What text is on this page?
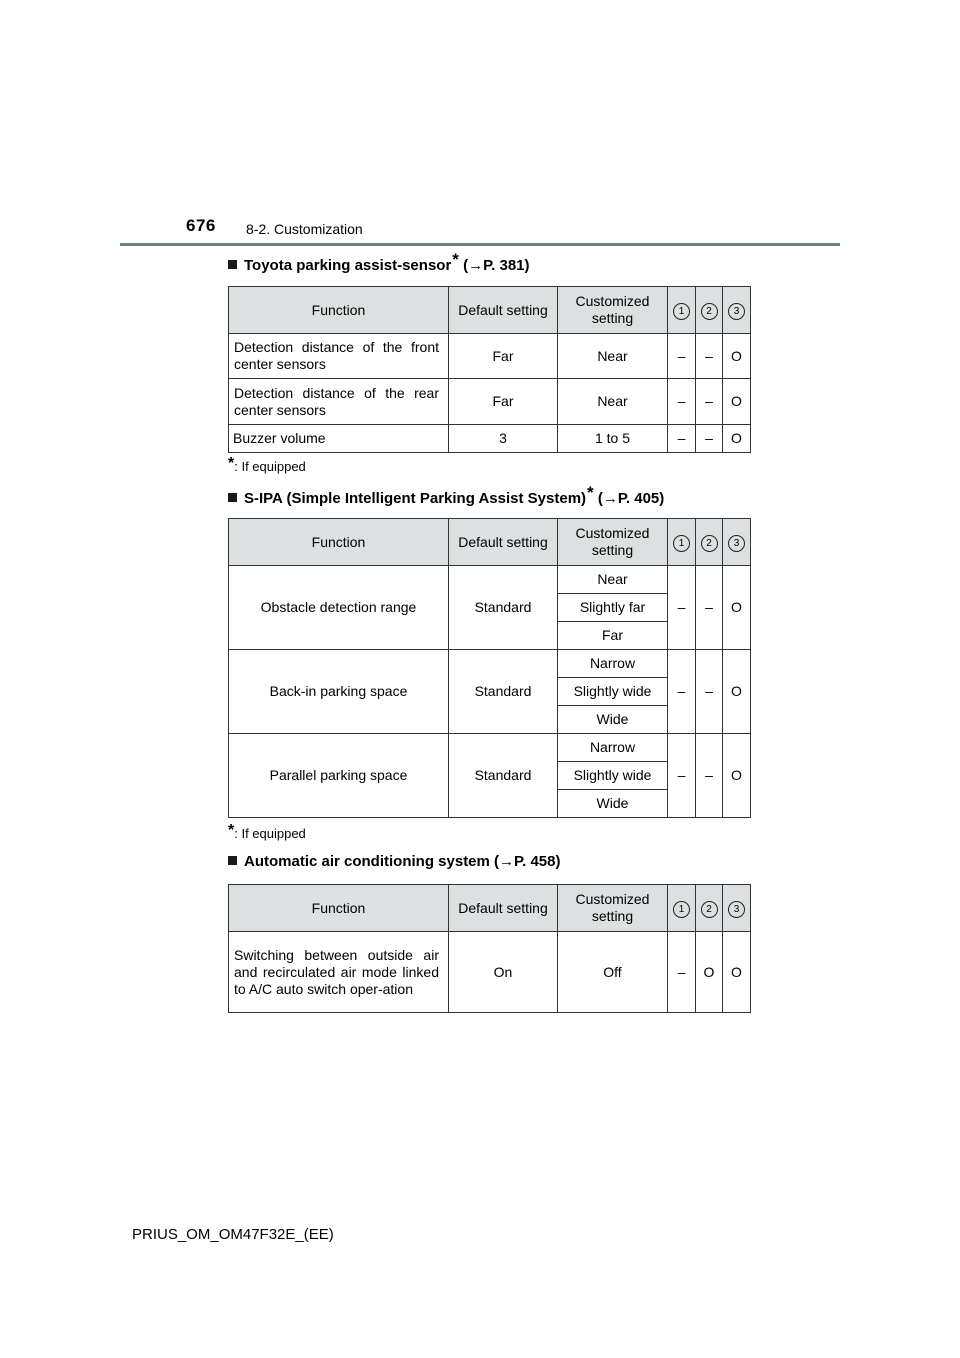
676 8-2. Customization
Toyota parking assist-sensor* (→P. 381)
Function	Default setting	Customized setting	1	2	3
Detection distance of the front center sensors	Far	Near	–	–	O
Detection distance of the rear center sensors	Far	Near	–	–	O
Buzzer volume	3	1 to 5	–	–	O
*: If equipped
S-IPA (Simple Intelligent Parking Assist System)* (→P. 405)
Function	Default setting	Customized setting	1	2	3
Obstacle detection range	Standard	Near	–	–	O
		Slightly far			
		Far			
Back-in parking space	Standard	Narrow	–	–	O
		Slightly wide			
		Wide			
Parallel parking space	Standard	Narrow	–	–	O
		Slightly wide			
		Wide			
*: If equipped
Automatic air conditioning system (→P. 458)
Function	Default setting	Customized setting	1	2	3
Switching between outside air and recirculated air mode linked to A/C auto switch oper-ation	On	Off	–	O	O
PRIUS_OM_OM47F32E_(EE)
